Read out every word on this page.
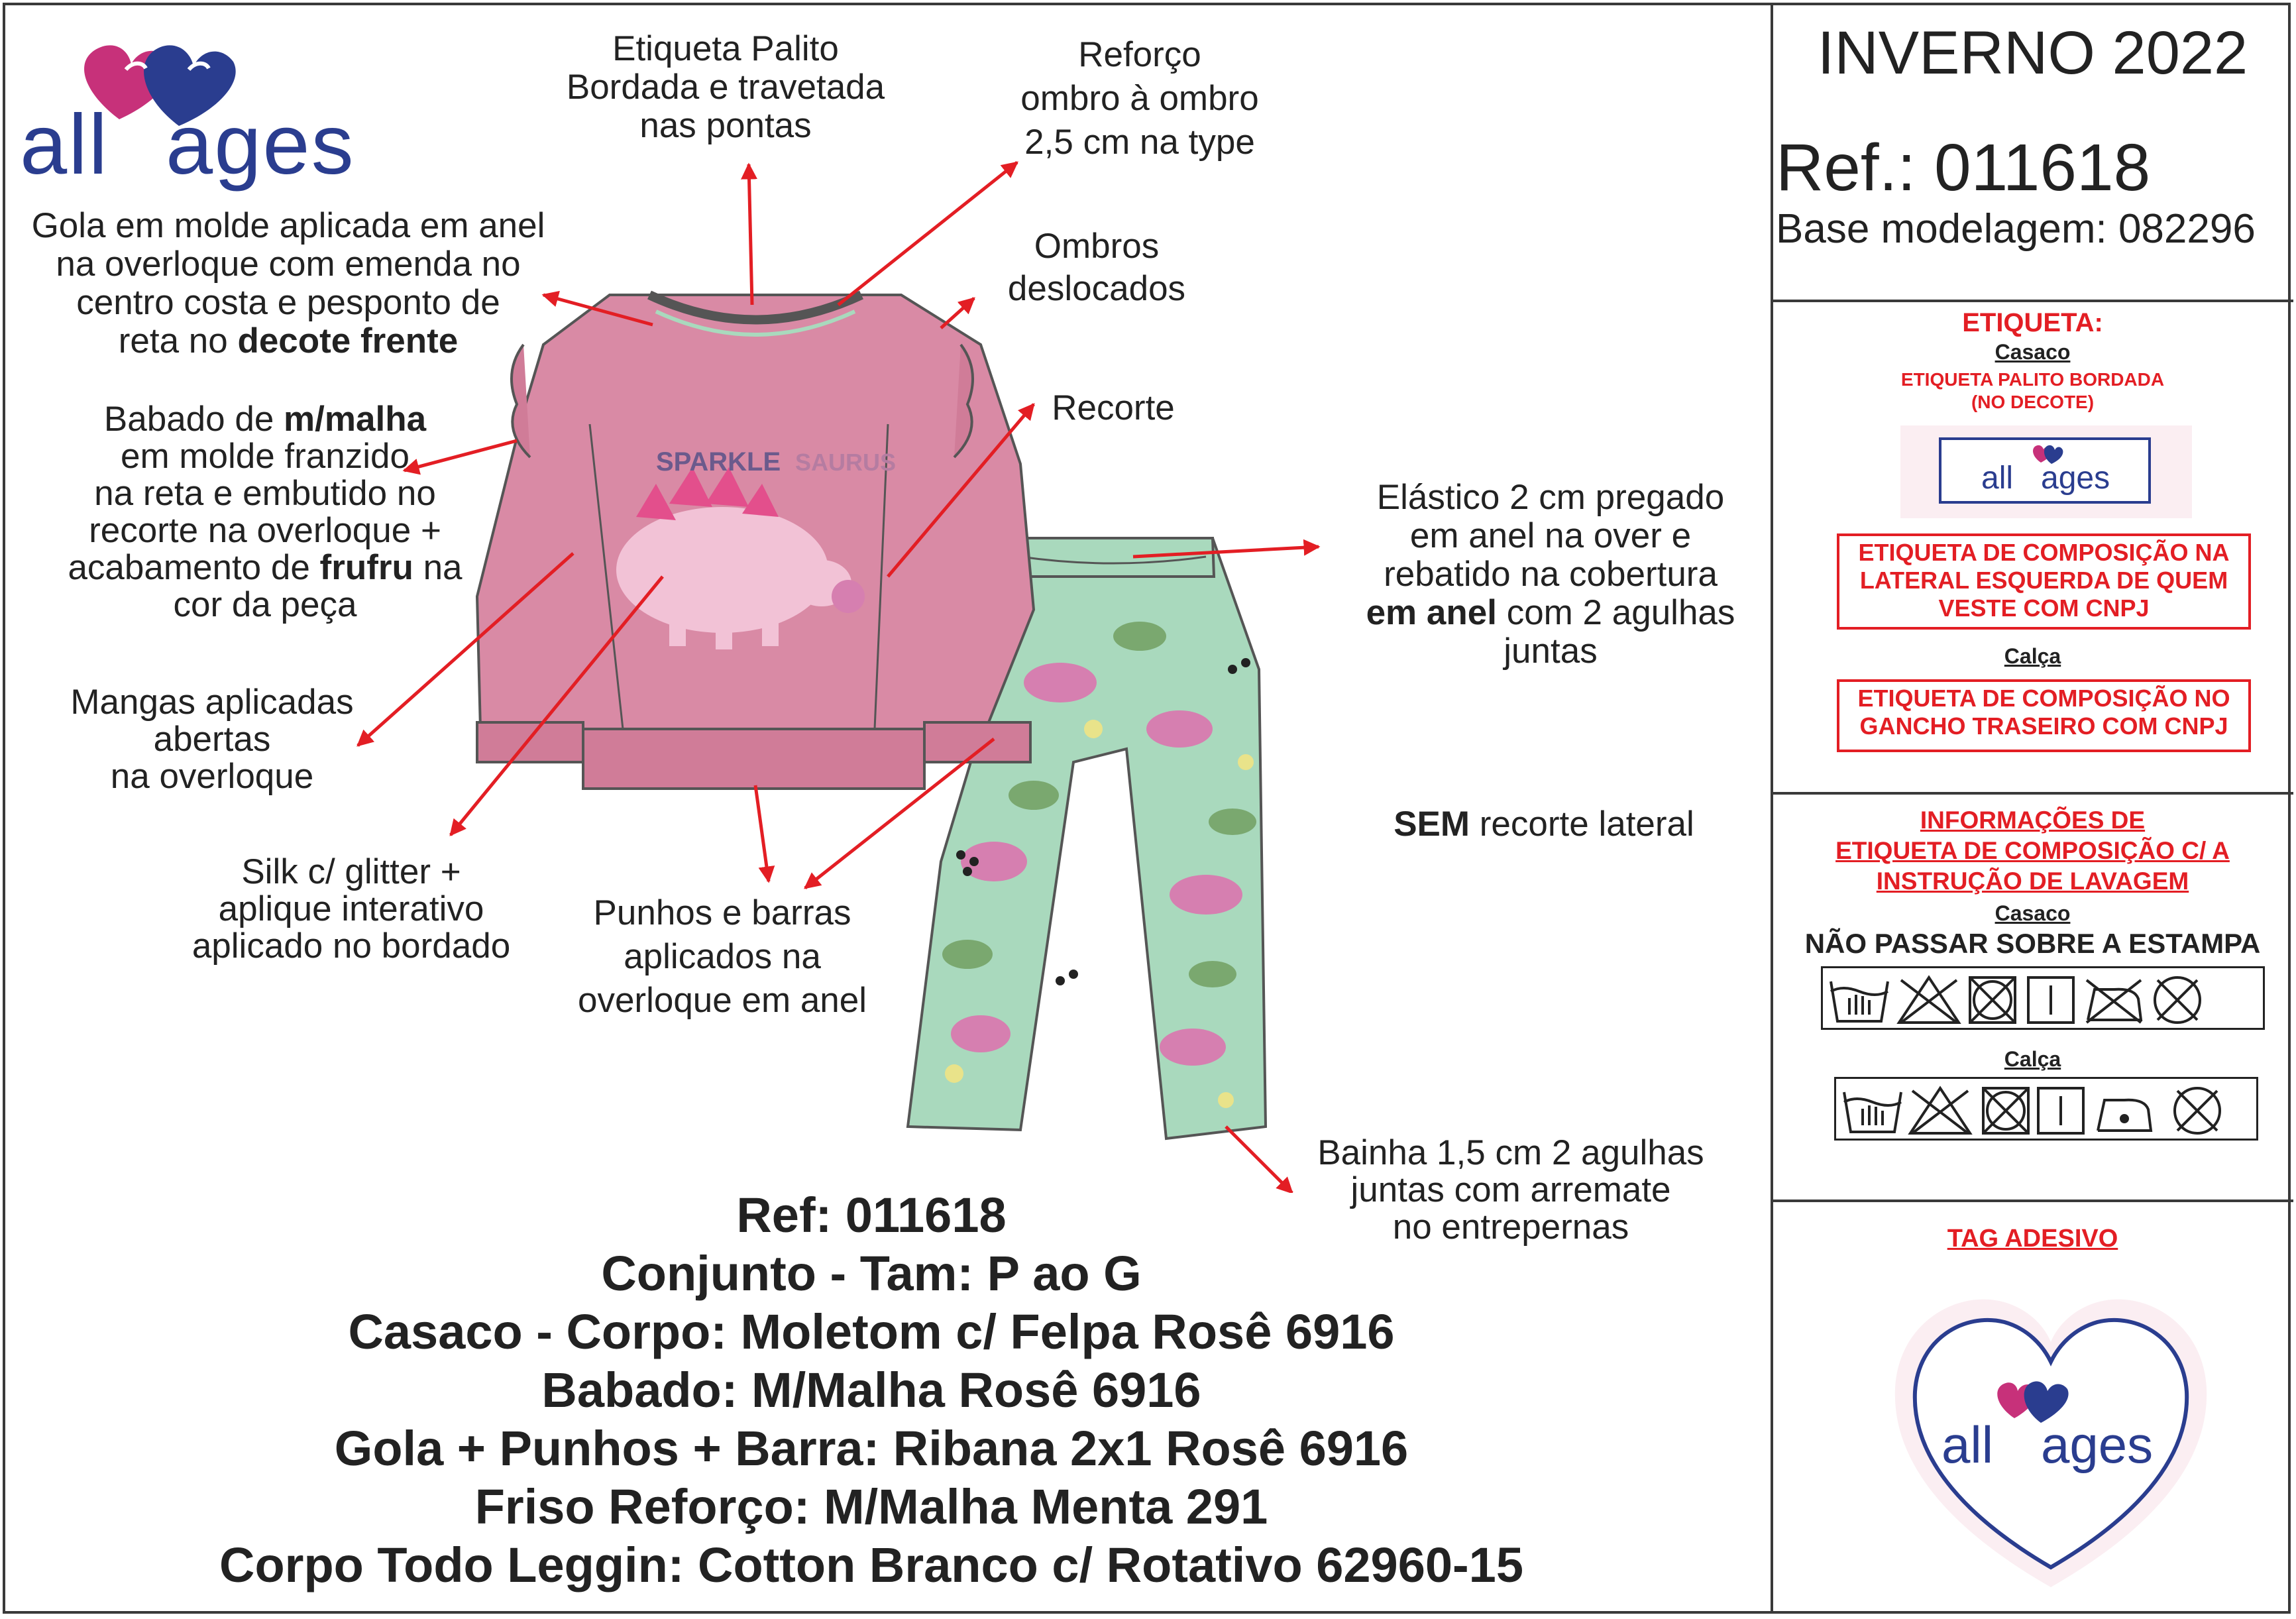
all ages
SPARKLE SAURUS
Etiqueta Palito
Bordada e travetada
nas pontas
Reforço
ombro à ombro
2,5 cm na type
Gola em molde aplicada em anel
na overloque com emenda no
centro costa e pesponto de
reta no decote frente
Ombros
deslocados
Recorte
Babado de m/malha
em molde franzido
na reta e embutido no
recorte na overloque +
acabamento de frufru na
cor da peça
Elástico 2 cm pregado
em anel na over e
rebatido na cobertura
em anel com 2 agulhas
juntas
Mangas aplicadas
abertas
na overloque
SEM recorte lateral
Silk c/ glitter +
aplique interativo
aplicado no bordado
Punhos e barras
aplicados na
overloque em anel
Bainha 1,5 cm 2 agulhas
juntas com arremate
no entrepernas
Ref: 011618
Conjunto - Tam: P ao G
Casaco - Corpo: Moletom c/ Felpa Rosê 6916
Babado: M/Malha Rosê 6916
Gola + Punhos + Barra: Ribana 2x1 Rosê 6916
Friso Reforço: M/Malha Menta 291
Corpo Todo Leggin: Cotton Branco c/ Rotativo 62960-15
INVERNO 2022
Ref.: 011618
Base modelagem: 082296
ETIQUETA:
Casaco
ETIQUETA PALITO BORDADA
(NO DECOTE)
all ages
ETIQUETA DE COMPOSIÇÃO NA LATERAL ESQUERDA DE QUEM VESTE COM CNPJ
Calça
ETIQUETA DE COMPOSIÇÃO NO GANCHO TRASEIRO COM CNPJ
INFORMAÇÕES DE
ETIQUETA DE COMPOSIÇÃO C/ A
INSTRUÇÃO DE LAVAGEM
Casaco
NÃO PASSAR SOBRE A ESTAMPA
Calça
TAG ADESIVO
all ages
